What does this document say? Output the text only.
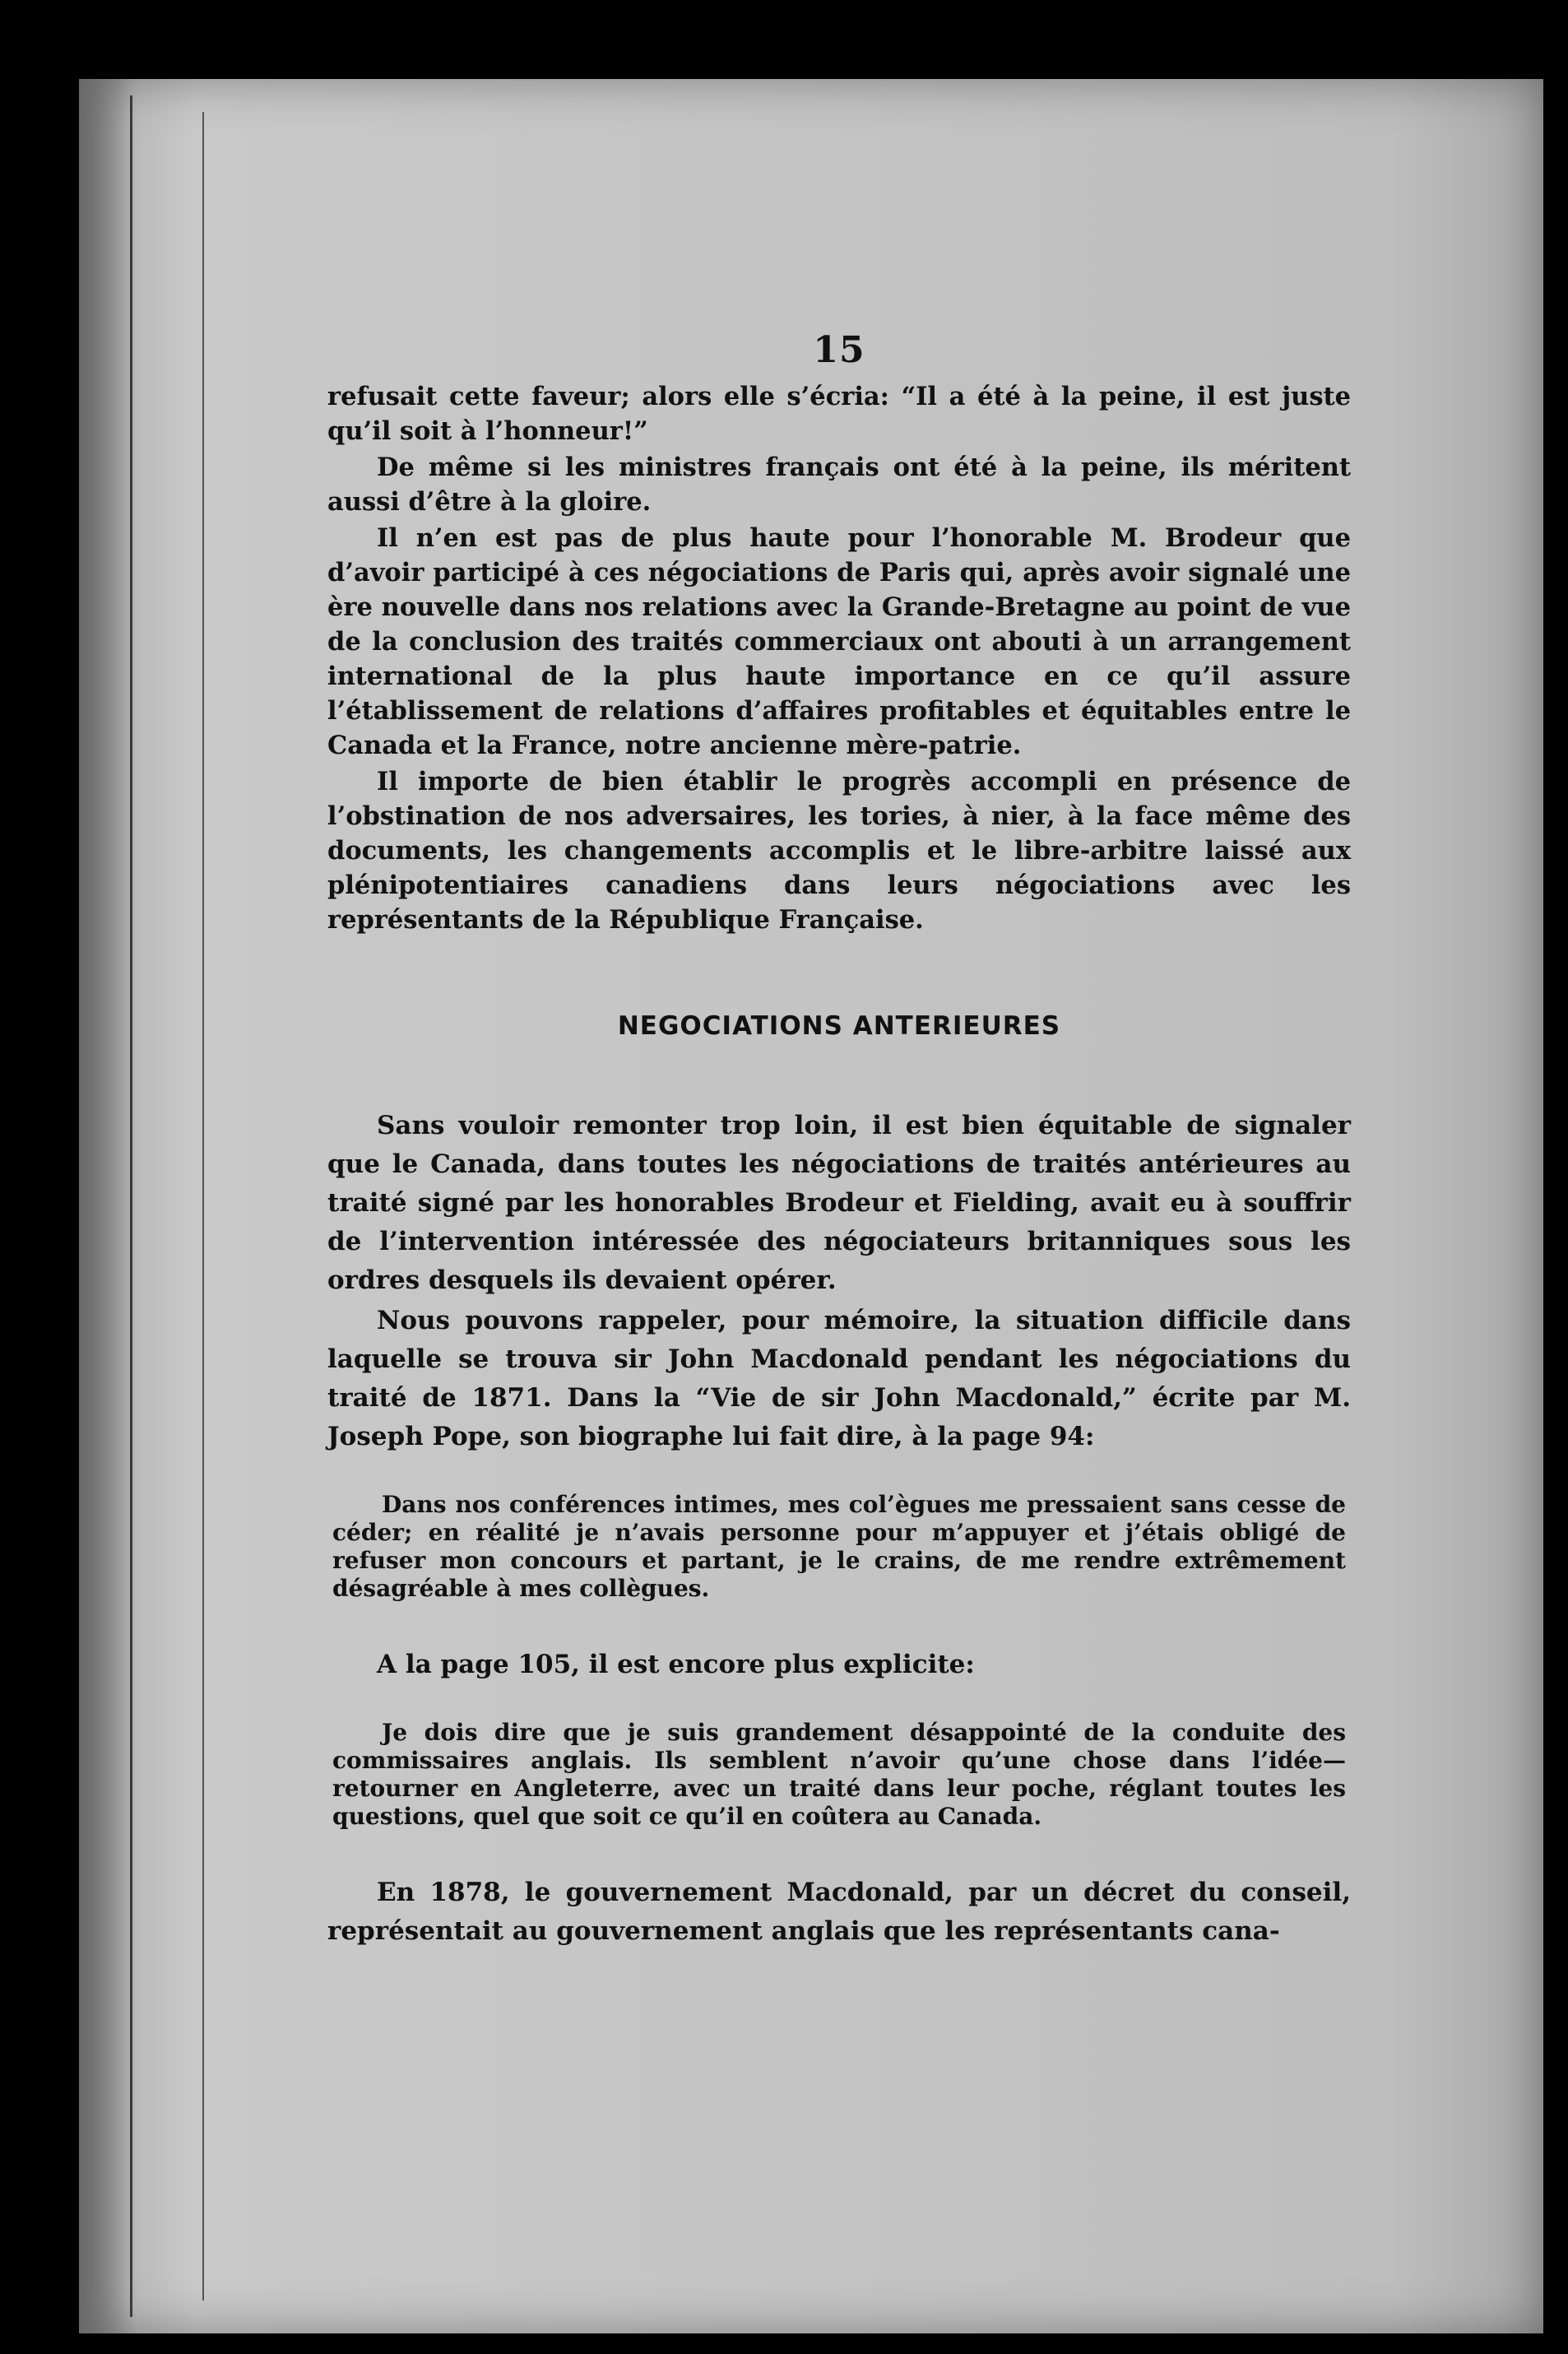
15

refusait cette faveur; alors elle s’écria: “Il a été à la peine, il est juste qu’il soit à l’honneur!”

De même si les ministres français ont été à la peine, ils méritent aussi d’être à la gloire.

Il n’en est pas de plus haute pour l’honorable M. Brodeur que d’avoir participé à ces négociations de Paris qui, après avoir signalé une ère nouvelle dans nos relations avec la Grande-Bretagne au point de vue de la conclusion des traités commerciaux ont abouti à un arrangement international de la plus haute importance en ce qu’il assure l’établissement de relations d’affaires profitables et équitables entre le Canada et la France, notre ancienne mère-patrie.

Il importe de bien établir le progrès accompli en présence de l’obstination de nos adversaires, les tories, à nier, à la face même des documents, les changements accomplis et le libre-arbitre laissé aux plénipotentiaires canadiens dans leurs négociations avec les représentants de la République Française.

NEGOCIATIONS ANTERIEURES

Sans vouloir remonter trop loin, il est bien équitable de signaler que le Canada, dans toutes les négociations de traités antérieures au traité signé par les honorables Brodeur et Fielding, avait eu à souffrir de l’intervention intéressée des négociateurs britanniques sous les ordres desquels ils devaient opérer.

Nous pouvons rappeler, pour mémoire, la situation difficile dans laquelle se trouva sir John Macdonald pendant les négociations du traité de 1871. Dans la “Vie de sir John Macdonald,” écrite par M. Joseph Pope, son biographe lui fait dire, à la page 94:

Dans nos conférences intimes, mes col’ègues me pressaient sans cesse de céder; en réalité je n’avais personne pour m’appuyer et j’étais obligé de refuser mon concours et partant, je le crains, de me rendre extrêmement désagréable à mes collègues.

A la page 105, il est encore plus explicite:

Je dois dire que je suis grandement désappointé de la conduite des commissaires anglais. Ils semblent n’avoir qu’une chose dans l’idée—retourner en Angleterre, avec un traité dans leur poche, réglant toutes les questions, quel que soit ce qu’il en coûtera au Canada.

En 1878, le gouvernement Macdonald, par un décret du conseil, représentait au gouvernement anglais que les représentants cana-
